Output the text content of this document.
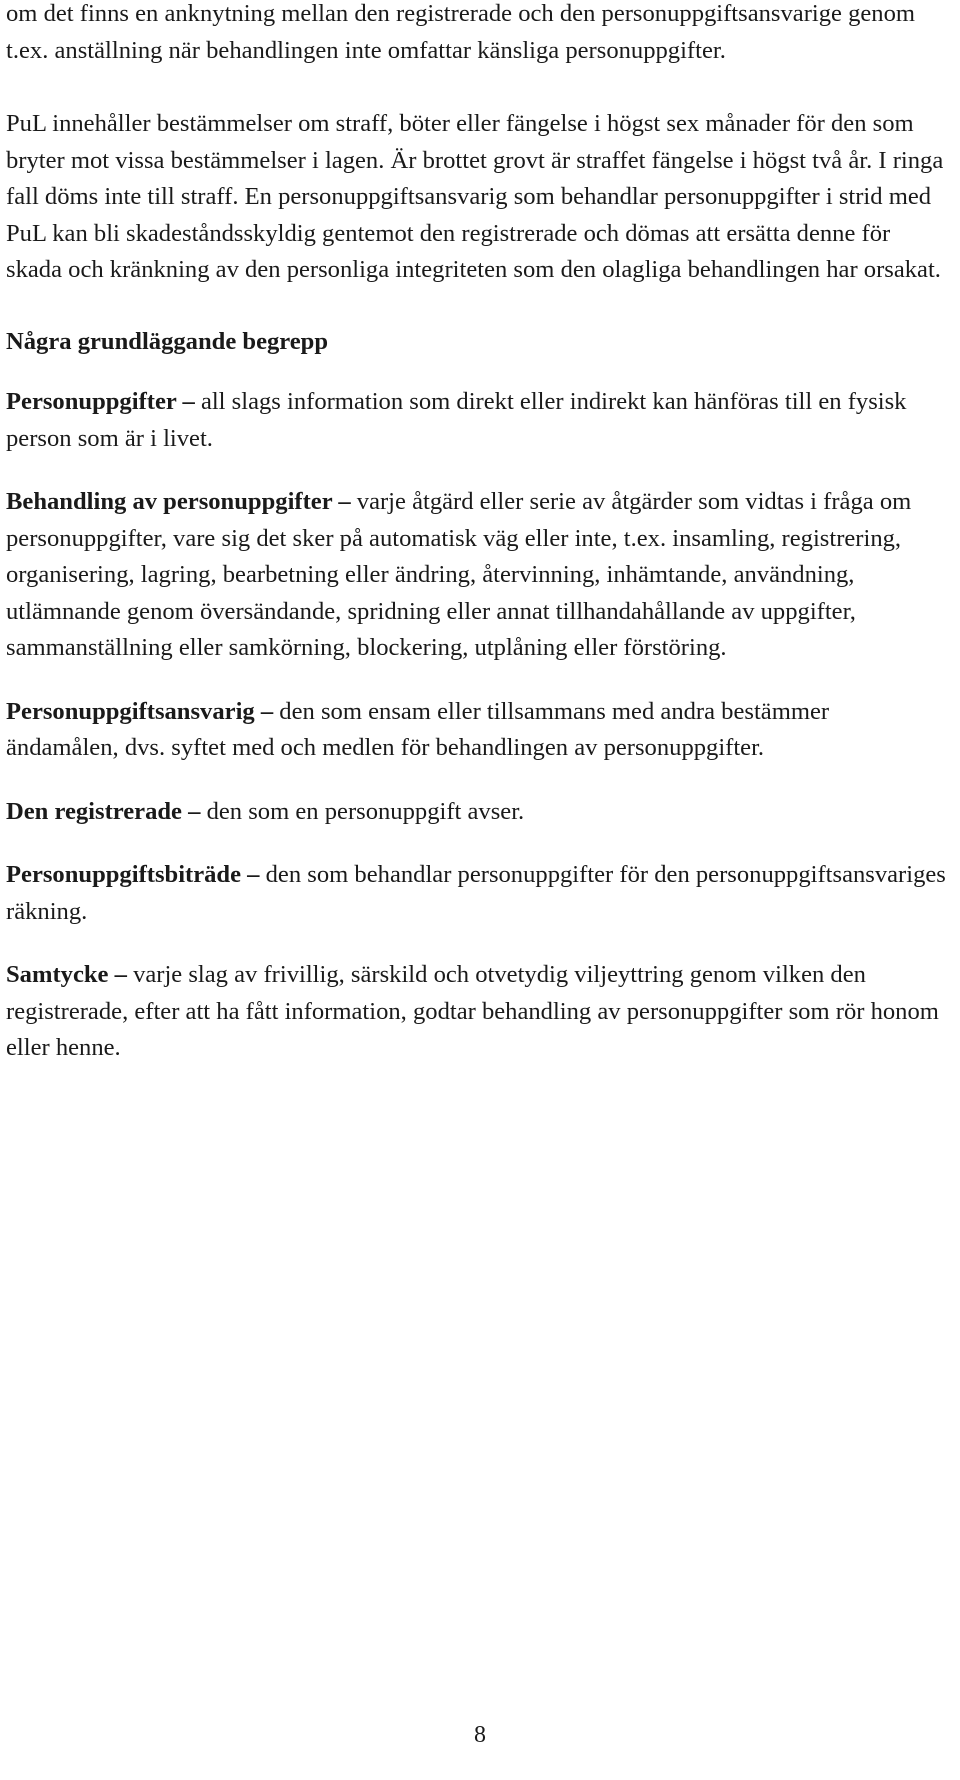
om det finns en anknytning mellan den registrerade och den personuppgiftsansvarige genom t.ex. anställning när behandlingen inte omfattar känsliga personuppgifter.

PuL innehåller bestämmelser om straff, böter eller fängelse i högst sex månader för den som bryter mot vissa bestämmelser i lagen. Är brottet grovt är straffet fängelse i högst två år. I ringa fall döms inte till straff. En personuppgiftsansvarig som behandlar personuppgifter i strid med PuL kan bli skadeståndsskyldig gentemot den registrerade och dömas att ersätta denne för skada och kränkning av den personliga integriteten som den olagliga behandlingen har orsakat.

Några grundläggande begrepp

Personuppgifter – all slags information som direkt eller indirekt kan hänföras till en fysisk person som är i livet.

Behandling av personuppgifter – varje åtgärd eller serie av åtgärder som vidtas i fråga om personuppgifter, vare sig det sker på automatisk väg eller inte, t.ex. insamling, registrering, organisering, lagring, bearbetning eller ändring, återvinning, inhämtande, användning, utlämnande genom översändande, spridning eller annat tillhandahållande av uppgifter, sammanställning eller samkörning, blockering, utplåning eller förstöring.

Personuppgiftsansvarig – den som ensam eller tillsammans med andra bestämmer ändamålen, dvs. syftet med och medlen för behandlingen av personuppgifter.

Den registrerade – den som en personuppgift avser.

Personuppgiftsbiträde – den som behandlar personuppgifter för den personuppgiftsansvariges räkning.

Samtycke – varje slag av frivillig, särskild och otvetydig viljeyttring genom vilken den registrerade, efter att ha fått information, godtar behandling av personuppgifter som rör honom eller henne.

8
